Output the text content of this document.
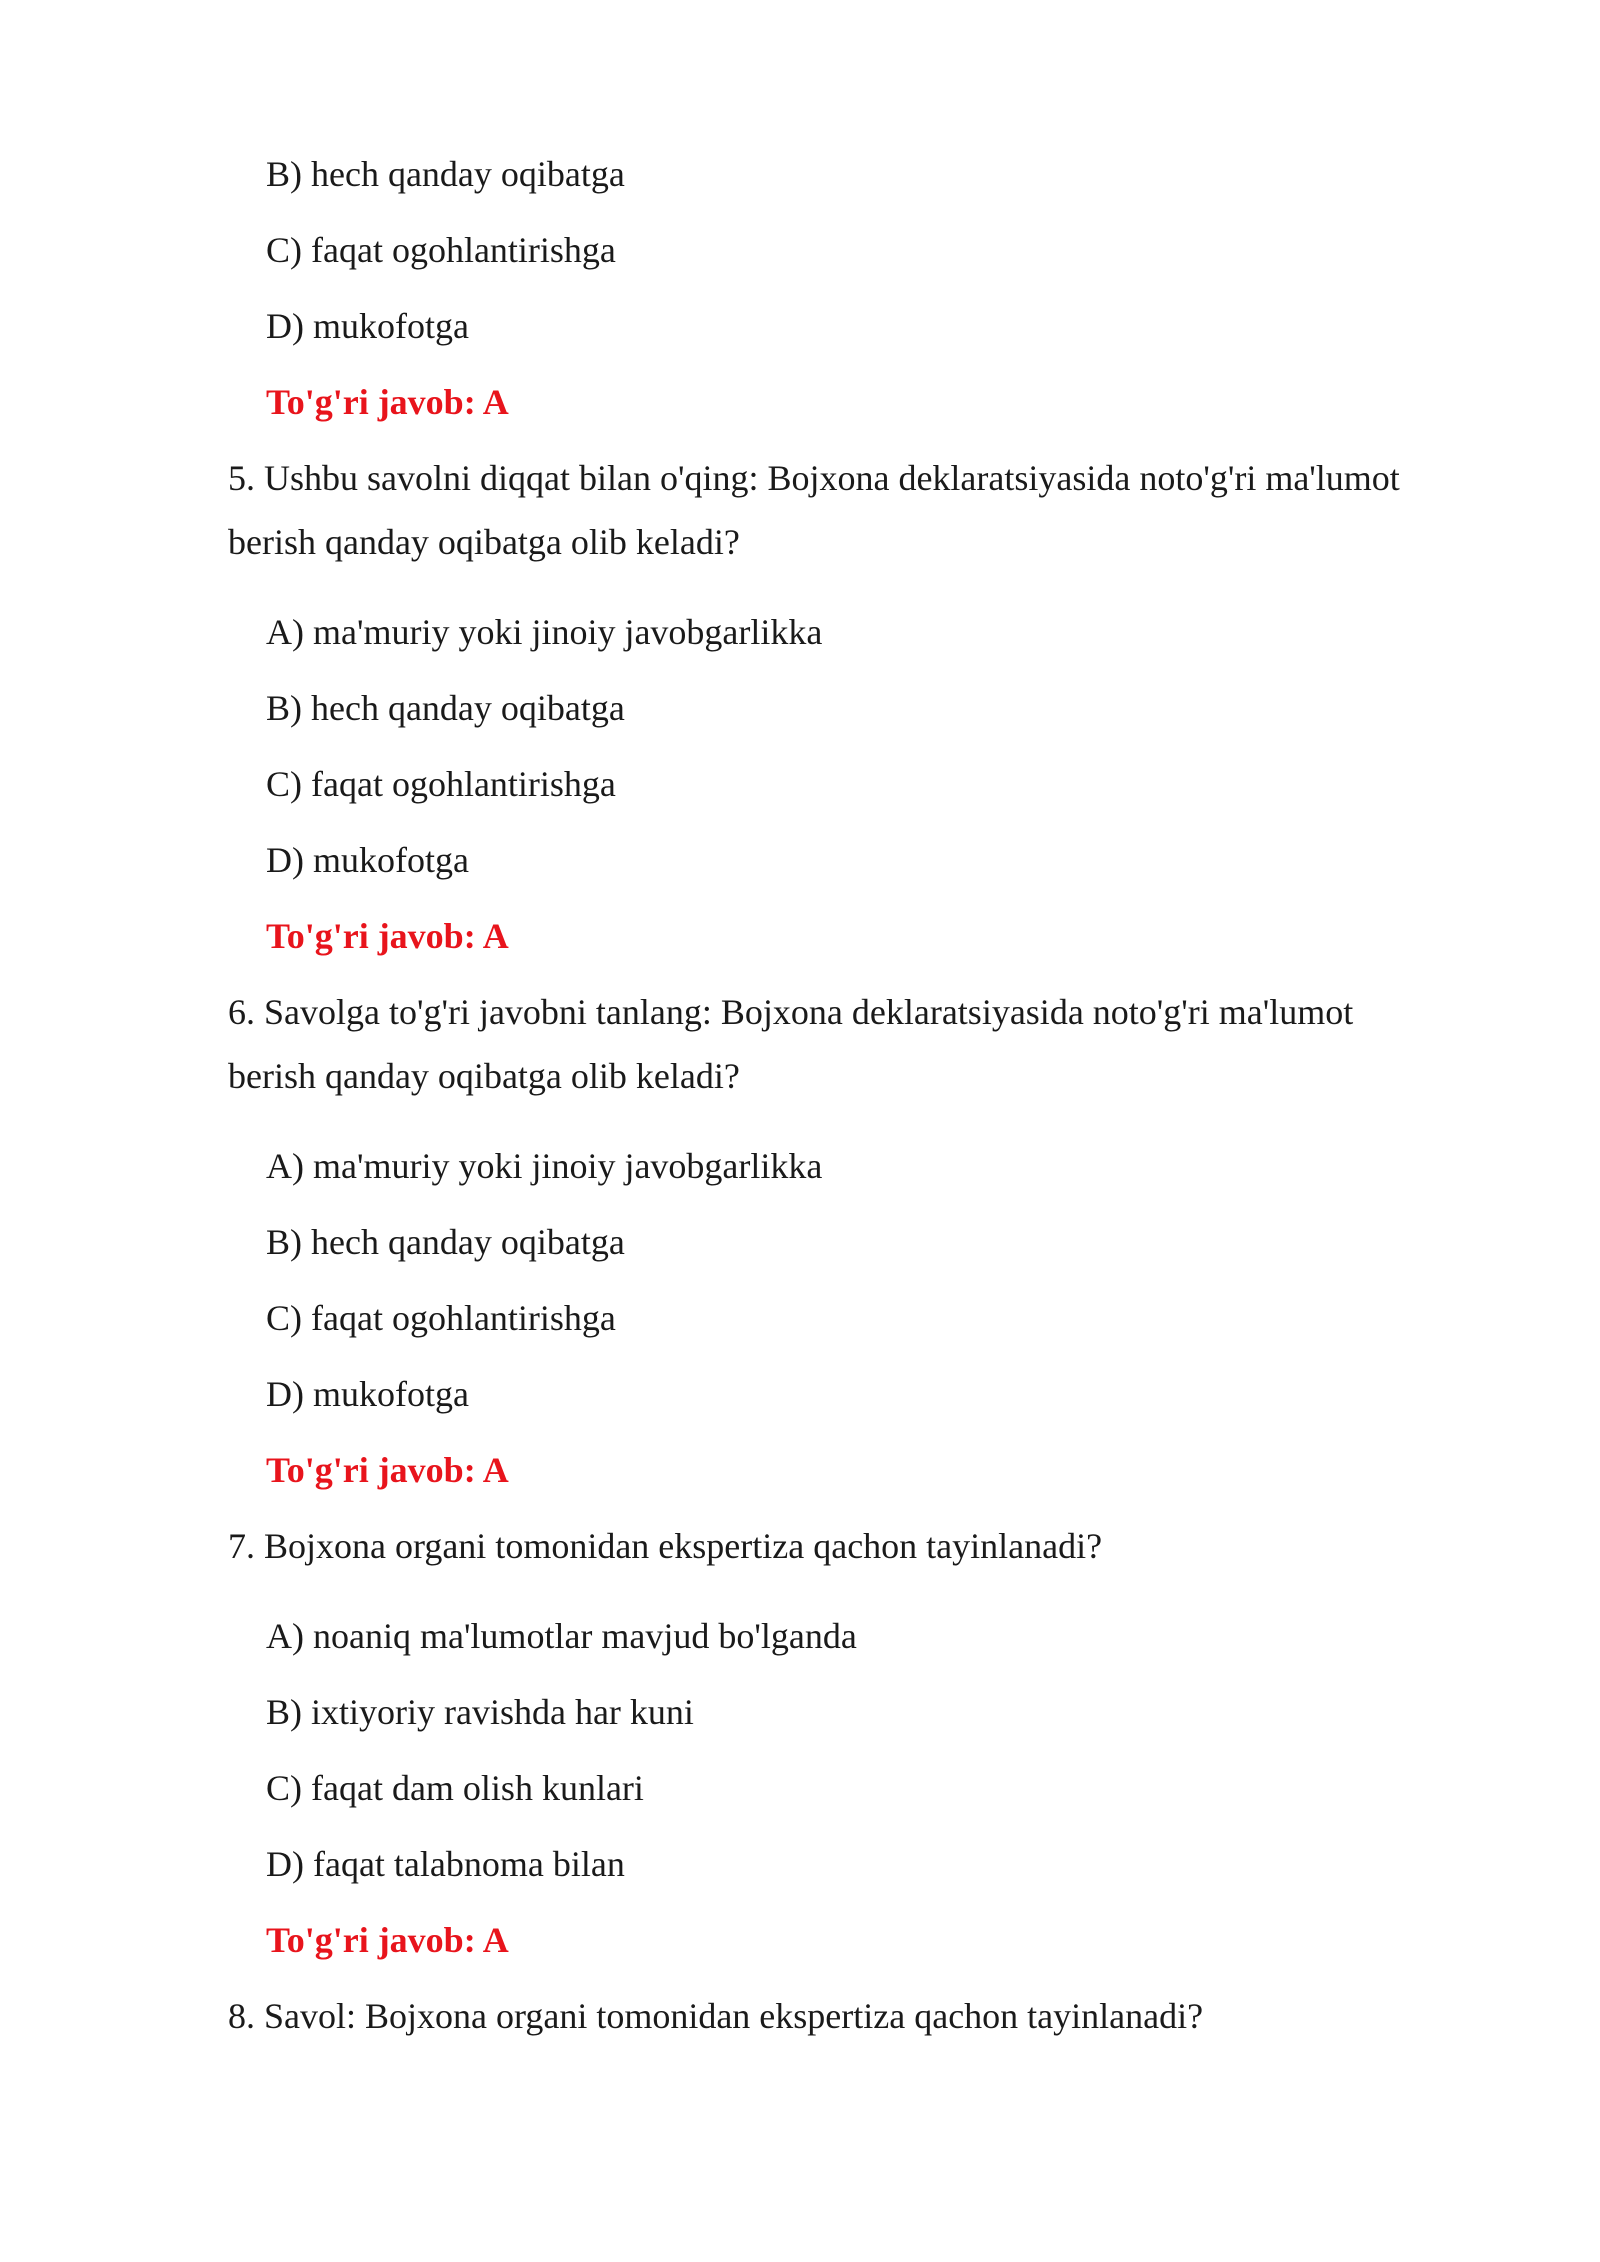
B) hech qanday oqibatga
C) faqat ogohlantirishga
D) mukofotga
To'g'ri javob: A
5. Ushbu savolni diqqat bilan o'qing: Bojxona deklaratsiyasida noto'g'ri ma'lumot
berish qanday oqibatga olib keladi?
A) ma'muriy yoki jinoiy javobgarlikka
B) hech qanday oqibatga
C) faqat ogohlantirishga
D) mukofotga
To'g'ri javob: A
6. Savolga to'g'ri javobni tanlang: Bojxona deklaratsiyasida noto'g'ri ma'lumot
berish qanday oqibatga olib keladi?
A) ma'muriy yoki jinoiy javobgarlikka
B) hech qanday oqibatga
C) faqat ogohlantirishga
D) mukofotga
To'g'ri javob: A
7. Bojxona organi tomonidan ekspertiza qachon tayinlanadi?
A) noaniq ma'lumotlar mavjud bo'lganda
B) ixtiyoriy ravishda har kuni
C) faqat dam olish kunlari
D) faqat talabnoma bilan
To'g'ri javob: A
8. Savol: Bojxona organi tomonidan ekspertiza qachon tayinlanadi?
